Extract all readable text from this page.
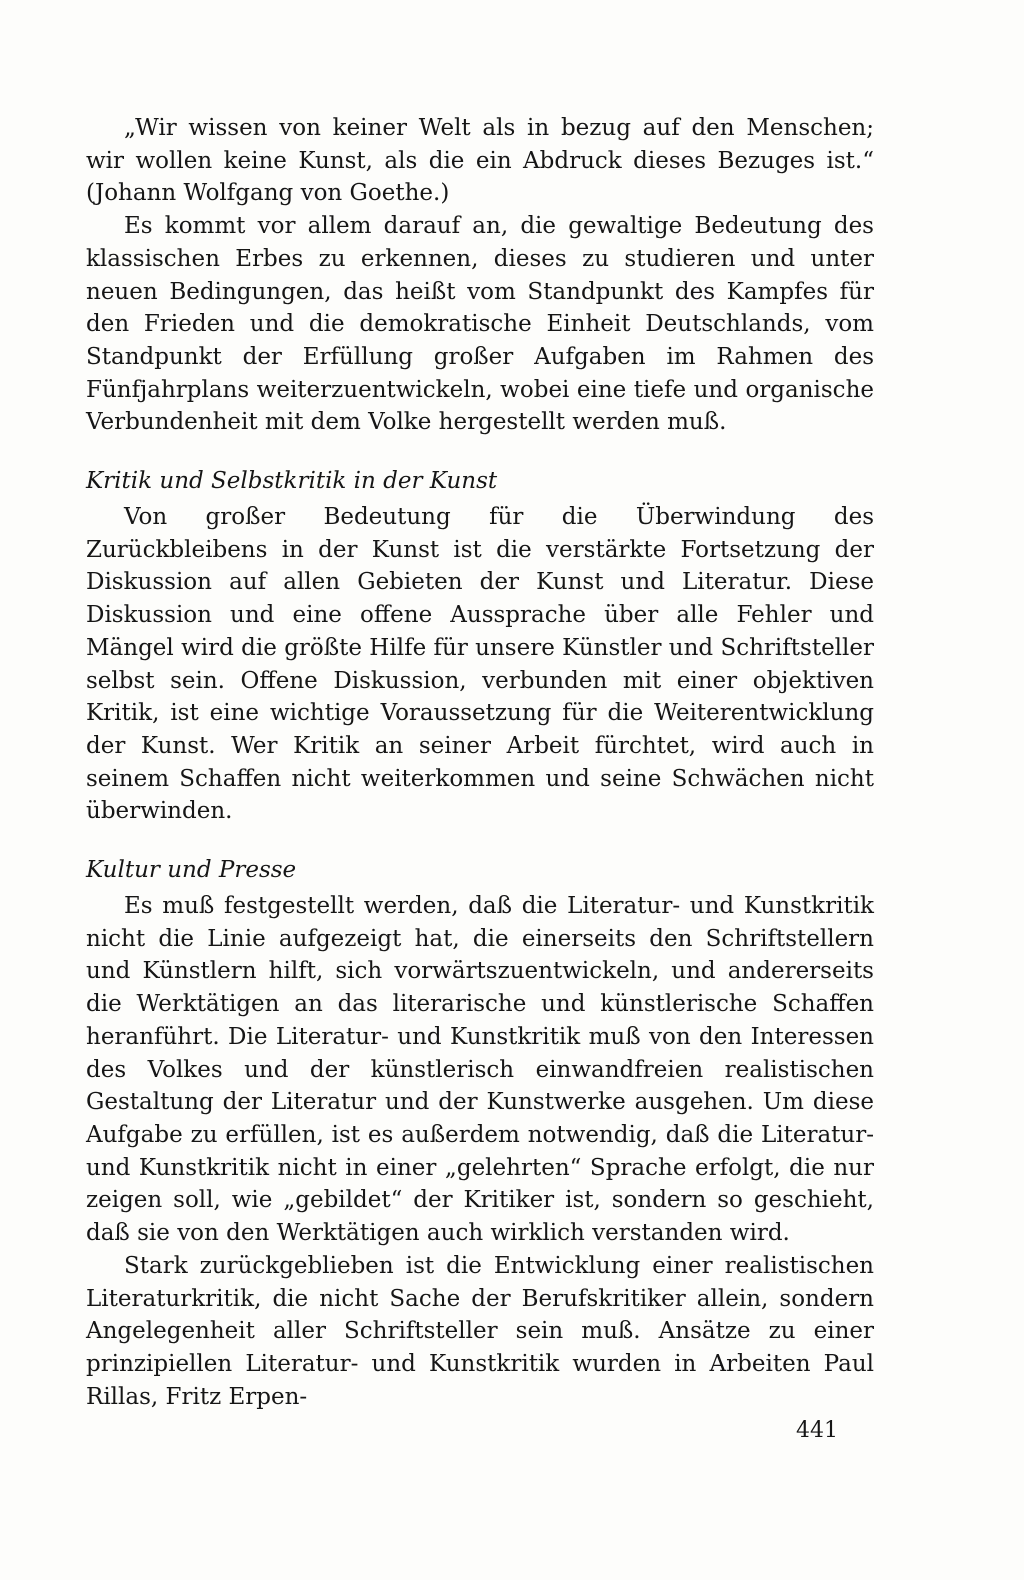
„Wir wissen von keiner Welt als in bezug auf den Menschen; wir wollen keine Kunst, als die ein Abdruck dieses Bezuges ist.“ (Johann Wolfgang von Goethe.)

Es kommt vor allem darauf an, die gewaltige Bedeutung des klassischen Erbes zu erkennen, dieses zu studieren und unter neuen Bedingungen, das heißt vom Standpunkt des Kampfes für den Frieden und die demokratische Einheit Deutschlands, vom Standpunkt der Erfüllung großer Aufgaben im Rahmen des Fünfjahrplans weiterzuentwickeln, wobei eine tiefe und organische Verbundenheit mit dem Volke hergestellt werden muß.

Kritik und Selbstkritik in der Kunst

Von großer Bedeutung für die Überwindung des Zurückbleibens in der Kunst ist die verstärkte Fortsetzung der Diskussion auf allen Gebieten der Kunst und Literatur. Diese Diskussion und eine offene Aussprache über alle Fehler und Mängel wird die größte Hilfe für unsere Künstler und Schriftsteller selbst sein. Offene Diskussion, verbunden mit einer objektiven Kritik, ist eine wichtige Voraussetzung für die Weiterentwicklung der Kunst. Wer Kritik an seiner Arbeit fürchtet, wird auch in seinem Schaffen nicht weiterkommen und seine Schwächen nicht überwinden.

Kultur und Presse

Es muß festgestellt werden, daß die Literatur- und Kunstkritik nicht die Linie aufgezeigt hat, die einerseits den Schriftstellern und Künstlern hilft, sich vorwärtszuentwickeln, und andererseits die Werktätigen an das literarische und künstlerische Schaffen heranführt. Die Literatur- und Kunstkritik muß von den Interessen des Volkes und der künstlerisch einwandfreien realistischen Gestaltung der Literatur und der Kunstwerke ausgehen. Um diese Aufgabe zu erfüllen, ist es außerdem notwendig, daß die Literatur- und Kunstkritik nicht in einer „gelehrten“ Sprache erfolgt, die nur zeigen soll, wie „gebildet“ der Kritiker ist, sondern so geschieht, daß sie von den Werktätigen auch wirklich verstanden wird.

Stark zurückgeblieben ist die Entwicklung einer realistischen Literaturkritik, die nicht Sache der Berufskritiker allein, sondern Angelegenheit aller Schriftsteller sein muß. Ansätze zu einer prinzipiellen Literatur- und Kunstkritik wurden in Arbeiten Paul Rillas, Fritz Erpen-

441
